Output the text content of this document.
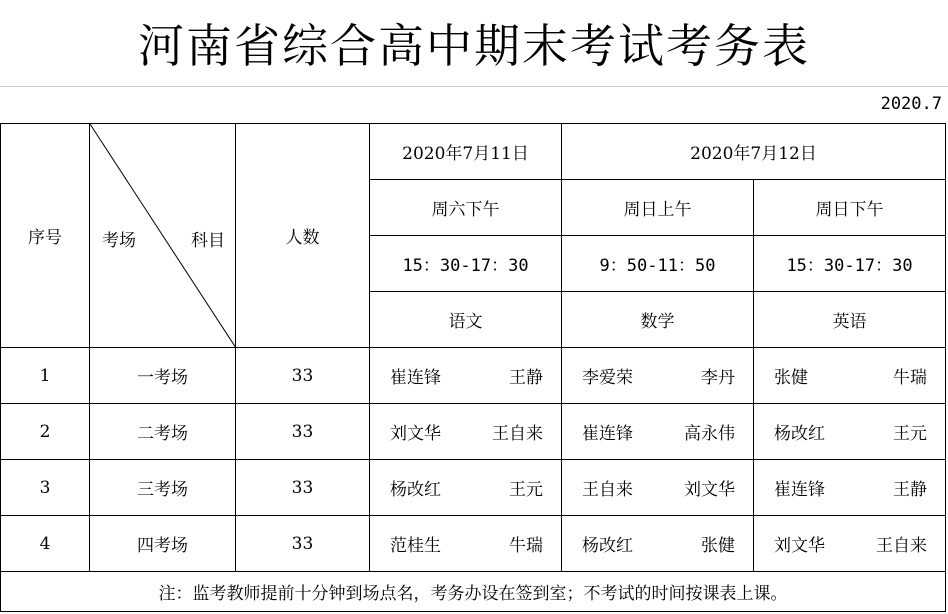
河南省综合高中期末考试考务表
2020.7
序号	考场 科目	人数	2020年7月11日	2020年7月12日	
			周六下午	周日上午	周日下午
			15：30-17：30	9：50-11：50	15：30-17：30
			语文	数学	英语
1	一考场	33	崔连锋 王静	李爱荣 李丹	张健 牛瑞

2	二考场	33	刘文华 王自来	崔连锋 高永伟	杨改红 王元

3	三考场	33	杨改红 王元	王自来 刘文华	崔连锋 王静

4	四考场	33	范桂生 牛瑞	杨改红 张健	刘文华 王自来

注：监考教师提前十分钟到场点名，考务办设在签到室；不考试的时间按课表上课。					
